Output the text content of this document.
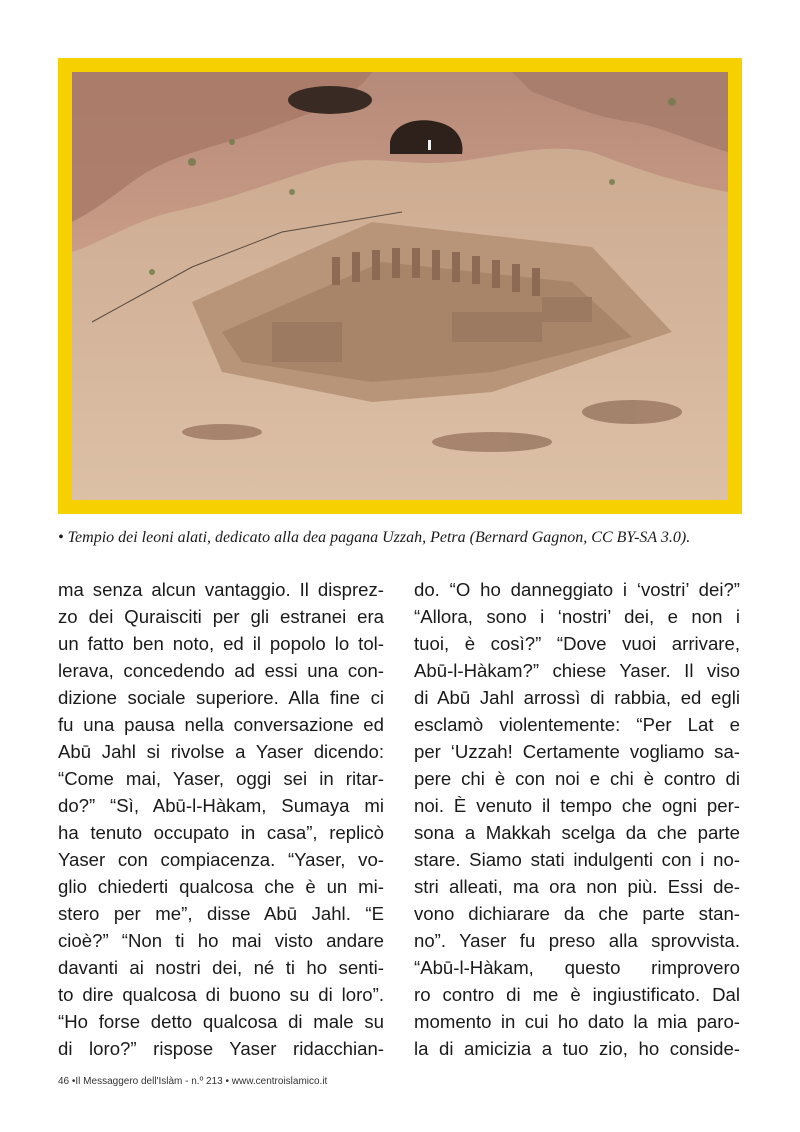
• Tempio dei leoni alati, dedicato alla dea pagana Uzzah, Petra (Bernard Gagnon, CC BY-SA 3.0).
ma senza alcun vantaggio. Il disprez-
zo dei Quraisciti per gli estranei era
un fatto ben noto, ed il popolo lo tol-
lerava, concedendo ad essi una con-
dizione sociale superiore. Alla fine ci
fu una pausa nella conversazione ed
Abū Jahl si rivolse a Yaser dicendo:
“Come mai, Yaser, oggi sei in ritar-
do?” “Sì, Abū-l-Hàkam, Sumaya mi
ha tenuto occupato in casa”, replicò
Yaser con compiacenza. “Yaser, vo-
glio chiederti qualcosa che è un mi-
stero per me”, disse Abū Jahl. “E
cioè?” “Non ti ho mai visto andare
davanti ai nostri dei, né ti ho senti-
to dire qualcosa di buono su di loro”.
“Ho forse detto qualcosa di male su
di loro?” rispose Yaser ridacchian-
do. “O ho danneggiato i ‘vostri’ dei?”
“Allora, sono i ‘nostri’ dei, e non i
tuoi, è così?” “Dove vuoi arrivare,
Abū-l-Hàkam?” chiese Yaser. Il viso
di Abū Jahl arrossì di rabbia, ed egli
esclamò violentemente: “Per Lat e
per ‘Uzzah! Certamente vogliamo sa-
pere chi è con noi e chi è contro di
noi. È venuto il tempo che ogni per-
sona a Makkah scelga da che parte
stare. Siamo stati indulgenti con i no-
stri alleati, ma ora non più. Essi de-
vono dichiarare da che parte stan-
no”. Yaser fu preso alla sprovvista.
“Abū-l-Hàkam, questo rimprovero
ro contro di me è ingiustificato. Dal
momento in cui ho dato la mia paro-
la di amicizia a tuo zio, ho conside-
46 •Il Messaggero dell'Islàm - n.º 213 • www.centroislamico.it
